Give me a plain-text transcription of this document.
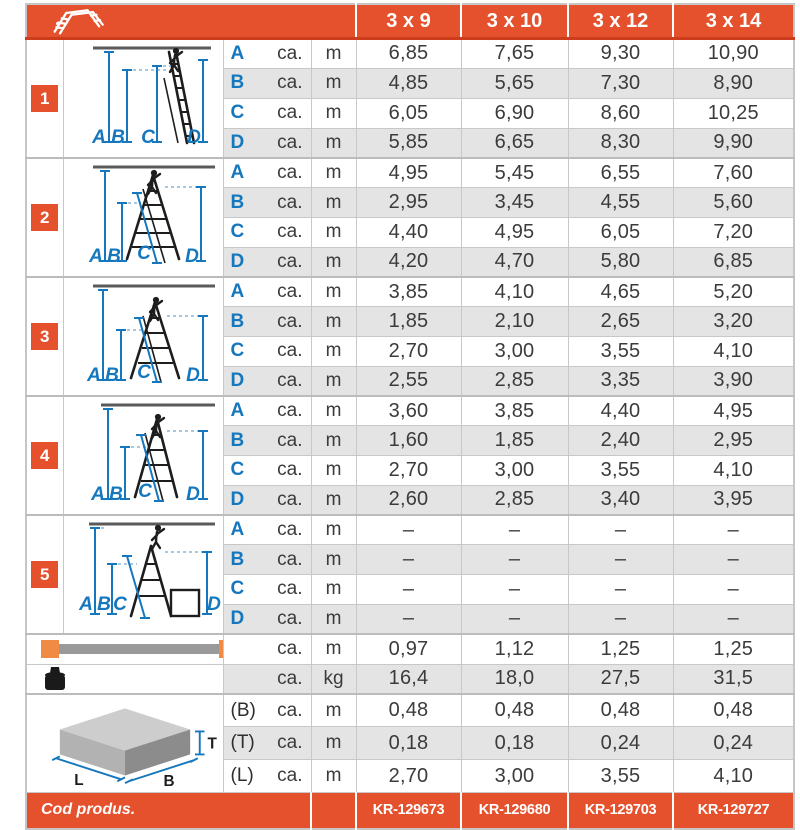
	3 x 9	3 x 10	3 x 12	3 x 14
1	A B C D	A ca.	m	6,85	7,65	9,30	10,90

		B ca.	m	4,85	5,65	7,30	8,90

		C ca.	m	6,05	6,90	8,60	10,25

		D ca.	m	5,85	6,65	8,30	9,90
2	A B C D	A ca.	m	4,95	5,45	6,55	7,60

		B ca.	m	2,95	3,45	4,55	5,60

		C ca.	m	4,40	4,95	6,05	7,20

		D ca.	m	4,20	4,70	5,80	6,85
3	A B C D	A ca.	m	3,85	4,10	4,65	5,20

		B ca.	m	1,85	2,10	2,65	3,20

		C ca.	m	2,70	3,00	3,55	4,10

		D ca.	m	2,55	2,85	3,35	3,90
4	A B C D	A ca.	m	3,60	3,85	4,40	4,95

		B ca.	m	1,60	1,85	2,40	2,95

		C ca.	m	2,70	3,00	3,55	4,10

		D ca.	m	2,60	2,85	3,40	3,95
5	A B C D	A ca.	m	–	–	–	–

		B ca.	m	–	–	–	–

		C ca.	m	–	–	–	–

		D ca.	m	–	–	–	–

ca.	m	0,97	1,12	1,25	1,25

ca.	kg	16,4	18,0	27,5	31,5

L B
T		(B) ca.	m	0,48	0,48	0,48	0,48

		(T) ca.	m	0,18	0,18	0,24	0,24

		(L) ca.	m	2,70	3,00	3,55	4,10
Cod produs.				KR-129673	KR-129680	KR-129703	KR-129727
